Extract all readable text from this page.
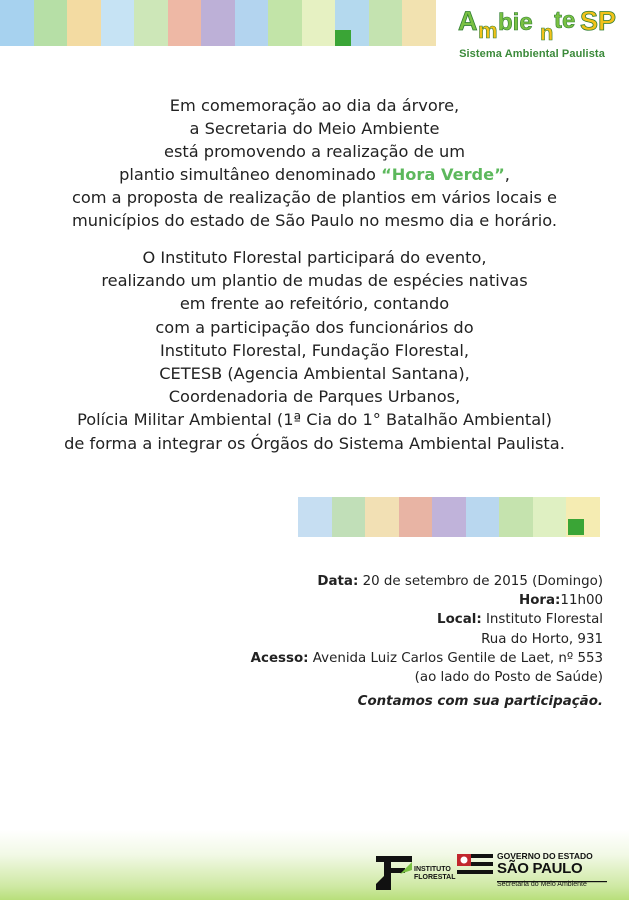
A m bie n te SP
Sistema Ambiental Paulista

Em comemoração ao dia da árvore,

a Secretaria do Meio Ambiente

está promovendo a realização de um

plantio simultâneo denominado “Hora Verde”,

com a proposta de realização de plantios em vários locais e

municípios do estado de São Paulo no mesmo dia e horário.

O Instituto Florestal participará do evento,

realizando um plantio de mudas de espécies nativas

em frente ao refeitório, contando

com a participação dos funcionários do

Instituto Florestal, Fundação Florestal,

CETESB (Agencia Ambiental Santana),

Coordenadoria de Parques Urbanos,

Polícia Militar Ambiental (1ª Cia do 1° Batalhão Ambiental)

de forma a integrar os Órgãos do Sistema Ambiental Paulista.

Data: 20 de setembro de 2015 (Domingo)

Hora:11h00

Local: Instituto Florestal

Rua do Horto, 931

Acesso: Avenida Luiz Carlos Gentile de Laet, nº 553

(ao lado do Posto de Saúde)

Contamos com sua participação.
INSTITUTO
FLORESTAL
GOVERNO DO ESTADO
SÃO PAULO
Secretaria do Meio Ambiente
